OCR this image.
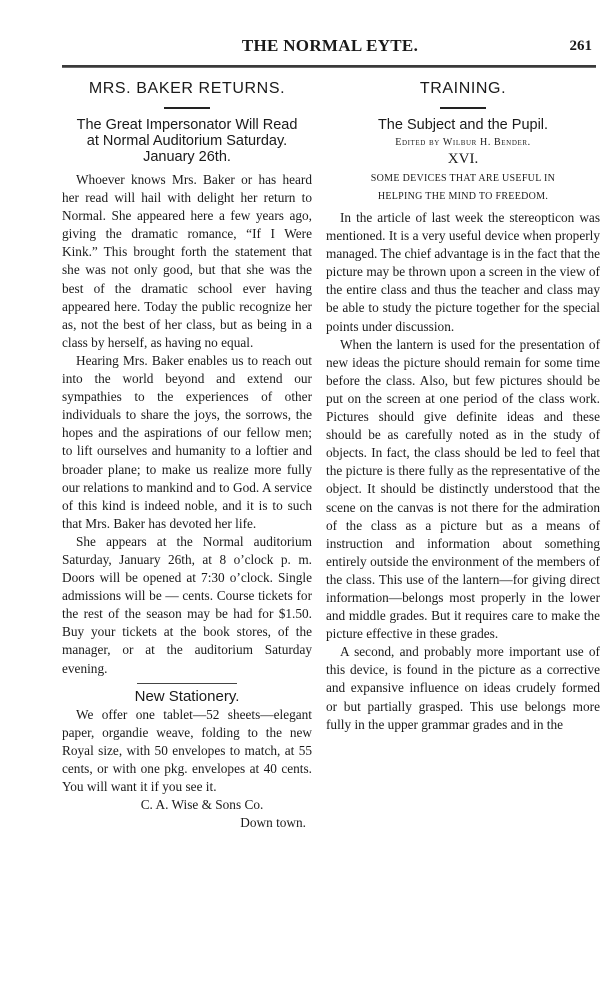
THE NORMAL EYTE.	261
MRS. BAKER RETURNS.
The Great Impersonator Will Read
at Normal Auditorium Saturday.
January 26th.

Whoever knows Mrs. Baker or has heard her read will hail with delight her return to Normal. She appeared here a few years ago, giving the dramatic romance, “If I Were Kink.” This brought forth the statement that she was not only good, but that she was the best of the dramatic school ever having appeared here. Today the public recognize her as, not the best of her class, but as being in a class by herself, as having no equal.

Hearing Mrs. Baker enables us to reach out into the world beyond and extend our sympathies to the experiences of other individuals to share the joys, the sorrows, the hopes and the aspirations of our fellow men; to lift ourselves and humanity to a loftier and broader plane; to make us realize more fully our relations to mankind and to God. A service of this kind is indeed noble, and it is to such that Mrs. Baker has devoted her life.

She appears at the Normal auditorium Saturday, January 26th, at 8 o’clock p. m. Doors will be opened at 7:30 o’clock. Single admissions will be — cents. Course tickets for the rest of the season may be had for $1.50. Buy your tickets at the book stores, of the manager, or at the auditorium Saturday evening.

New Stationery.

We offer one tablet—52 sheets—elegant paper, organdie weave, folding to the new Royal size, with 50 envelopes to match, at 55 cents, or with one pkg. envelopes at 40 cents. You will want it if you see it.

C. A. Wise & Sons Co.
Down town.
TRAINING.
The Subject and the Pupil.
Edited by Wilbur H. Bender.
XVI.
SOME DEVICES THAT ARE USEFUL IN
HELPING THE MIND TO FREEDOM.

In the article of last week the stereopticon was mentioned. It is a very useful device when properly managed. The chief advantage is in the fact that the picture may be thrown upon a screen in the view of the entire class and thus the teacher and class may be able to study the picture together for the special points under discussion.

When the lantern is used for the presentation of new ideas the picture should remain for some time before the class. Also, but few pictures should be put on the screen at one period of the class work. Pictures should give definite ideas and these should be as carefully noted as in the study of objects. In fact, the class should be led to feel that the picture is there fully as the representative of the object. It should be distinctly understood that the scene on the canvas is not there for the admiration of the class as a picture but as a means of instruction and information about something entirely outside the environment of the members of the class. This use of the lantern—for giving direct information—belongs most properly in the lower and middle grades. But it requires care to make the picture effective in these grades.

A second, and probably more important use of this device, is found in the picture as a corrective and expansive influence on ideas crudely formed or but partially grasped. This use belongs more fully in the upper grammar grades and in the
